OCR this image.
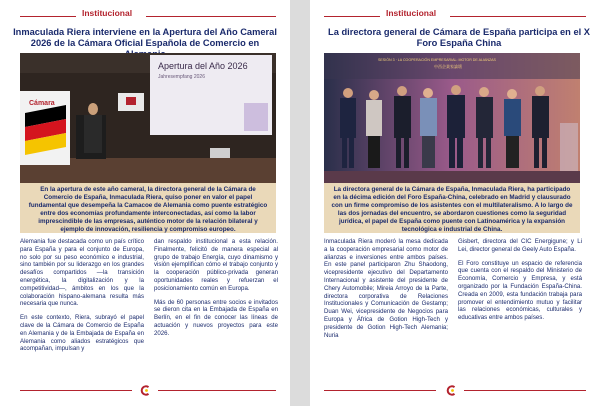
Institucional
Inmaculada Riera interviene en la Apertura del Año Cameral 2026 de la Cámara Oficial Española de Comercio en
Cámara
Apertura del Año 2026
Jahresempfang 2026
En la apertura de este año cameral, la directora general de la Cámara de Comercio de España, Inmaculada Riera, quiso poner en valor el papel fundamental que desempeña la Camacoe de Alemania como puente estratégico entre dos economías profundamente interconectadas, así como la labor imprescindible de las empresas, auténtico motor de la relación bilateral y ejemplo de innovación, resiliencia y compromiso europeo.

Alemania fue destacada como un país crítico para España y para el conjunto de Europa, no solo por su peso económico e industrial, sino también por su liderazgo en los grandes desafíos compartidos —la transición energética, la digitalización y la competitividad—, ámbitos en los que la colaboración hispano-alemana resulta más necesaria que nunca.

En este contexto, Riera, subrayó el papel clave de la Cámara de Comercio de España en Alemania y de la Embajada de España en Alemania como aliados estratégicos que acompañan, impulsan y

dan respaldo institucional a esta relación. Finalmente, felicitó de manera especial al grupo de trabajo Energía, cuyo dinamismo y visión ejemplifican cómo el trabajo conjunto y la cooperación público-privada generan oportunidades reales y refuerzan el posicionamiento común en Europa.

Más de 60 personas entre socios e invitados se dieron cita en la Embajada de España en Berlín, en el fin de conocer las líneas de actuación y nuevos proyectos para este 2026.

Institucional
La directora general de Cámara de España participa en el X Foro España China
SESIÓN 3 · LA COOPERACIÓN EMPRESARIAL: MOTOR DE ALIANZAS
中西企業家論壇
La directora general de la Cámara de España, Inmaculada Riera, ha participado en la décima edición del Foro España-China, celebrado en Madrid y clausurado con un firme compromiso de los asistentes con el multilateralismo. A lo largo de las dos jornadas del encuentro, se abordaron cuestiones como la seguridad jurídica, el papel de España como puente con Latinoamérica y la expansión tecnológica e industrial de China.

Inmaculada Riera moderó la mesa dedicada a la cooperación empresarial como motor de alianzas e inversiones entre ambos países. En este panel participaron Zhu Shaodong, vicepresidente ejecutivo del Departamento Internacional y asistente del presidente de Chery Automobile; Mireia Arroyo de la Parte, directora corporativa de Relaciones Institucionales y Comunicación de Gestamp; Duan Wei, vicepresidente de Negocios para Europa y África de Gotion High-Tech y presidente de Gotion High-Tech Alemania; Nuria

Gisbert, directora del CIC Energigune; y Li Lei, director general de Geely Auto España.

El Foro constituye un espacio de referencia que cuenta con el respaldo del Ministerio de Economía, Comercio y Empresa, y está organizado por la Fundación España-China. Creada en 2009, esta fundación trabaja para promover el entendimiento mutuo y facilitar las relaciones económicas, culturales y educativas entre ambos países.
